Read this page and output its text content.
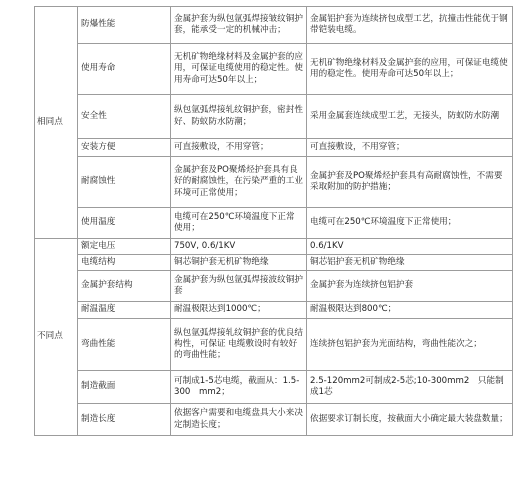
相同点	防爆性能	金属护套为纵包氩弧焊接皱纹铜护套，能承受一定的机械冲击；	金属铝护套为连续挤包成型工艺，抗撞击性能优于钢带铠装电缆。
	使用寿命	无机矿物绝缘材料及金属护套的应用，可保证电缆使用的稳定性。使用寿命可达50年以上；	无机矿物绝缘材料及金属护套的应用，可保证电缆使用的稳定性。使用寿命可达50年以上；
	安全性	纵包氩弧焊接轧纹铜护套，密封性好、防蚁防水防潮；	采用金属套连续成型工艺，无接头，防蚁防水防潮
	安装方便	可直接敷设，不用穿管；	可直接敷设，不用穿管；
	耐腐蚀性	金属护套及PO聚烯烃护套具有良好的耐腐蚀性，在污染严重的工业环境可正常使用；	金属护套及PO聚烯烃护套具有高耐腐蚀性，不需要采取附加的防护措施；
	使用温度	电缆可在250℃环境温度下正常使用；	电缆可在250℃环境温度下正常使用；
不同点	额定电压	750V, 0.6/1KV	0.6/1KV
	电缆结构	铜芯铜护套无机矿物绝缘	铜芯铝护套无机矿物绝缘
	金属护套结构	金属护套为纵包氩弧焊接波纹铜护套	金属护套为连续挤包铝护套
	耐温温度	耐温极限达到1000℃；	耐温极限达到800℃；
	弯曲性能	纵包氩弧焊接轧纹铜护套的优良结构性，可保证 电缆敷设时有较好的弯曲性能；	连续挤包铝护套为光面结构，弯曲性能次之；
	制造截面	可制成1-5芯电缆，截面从：1.5-300　mm2；	2.5-120mm2可制成2-5芯;10-300mm2　只能制 成1芯
	制造长度	依据客户需要和电缆盘具大小来决定制造长度；	依据要求订制长度，按截面大小确定最大装盘数量；
